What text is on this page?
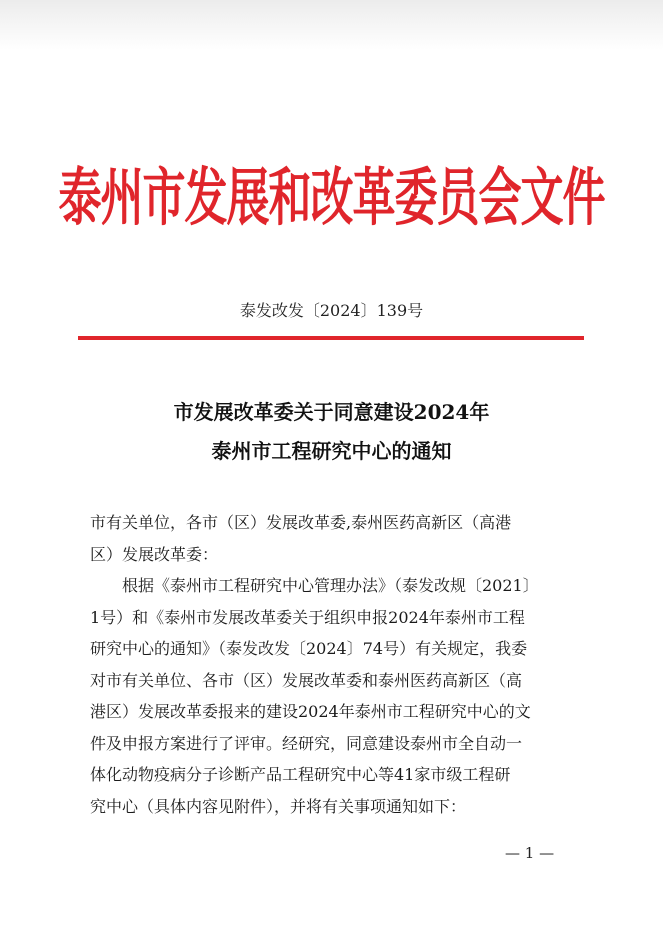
泰州市发展和改革委员会文件
泰发改发〔2024〕139号
市发展改革委关于同意建设2024年
泰州市工程研究中心的通知
市有关单位，各市（区）发展改革委,泰州医药高新区（高港
区）发展改革委：
根据《泰州市工程研究中心管理办法》（泰发改规〔2021〕
1号）和《泰州市发展改革委关于组织申报2024年泰州市工程
研究中心的通知》（泰发改发〔2024〕74号）有关规定，我委
对市有关单位、各市（区）发展改革委和泰州医药高新区（高
港区）发展改革委报来的建设2024年泰州市工程研究中心的文
件及申报方案进行了评审。经研究，同意建设泰州市全自动一
体化动物疫病分子诊断产品工程研究中心等41家市级工程研
究中心（具体内容见附件），并将有关事项通知如下：
— 1 —
